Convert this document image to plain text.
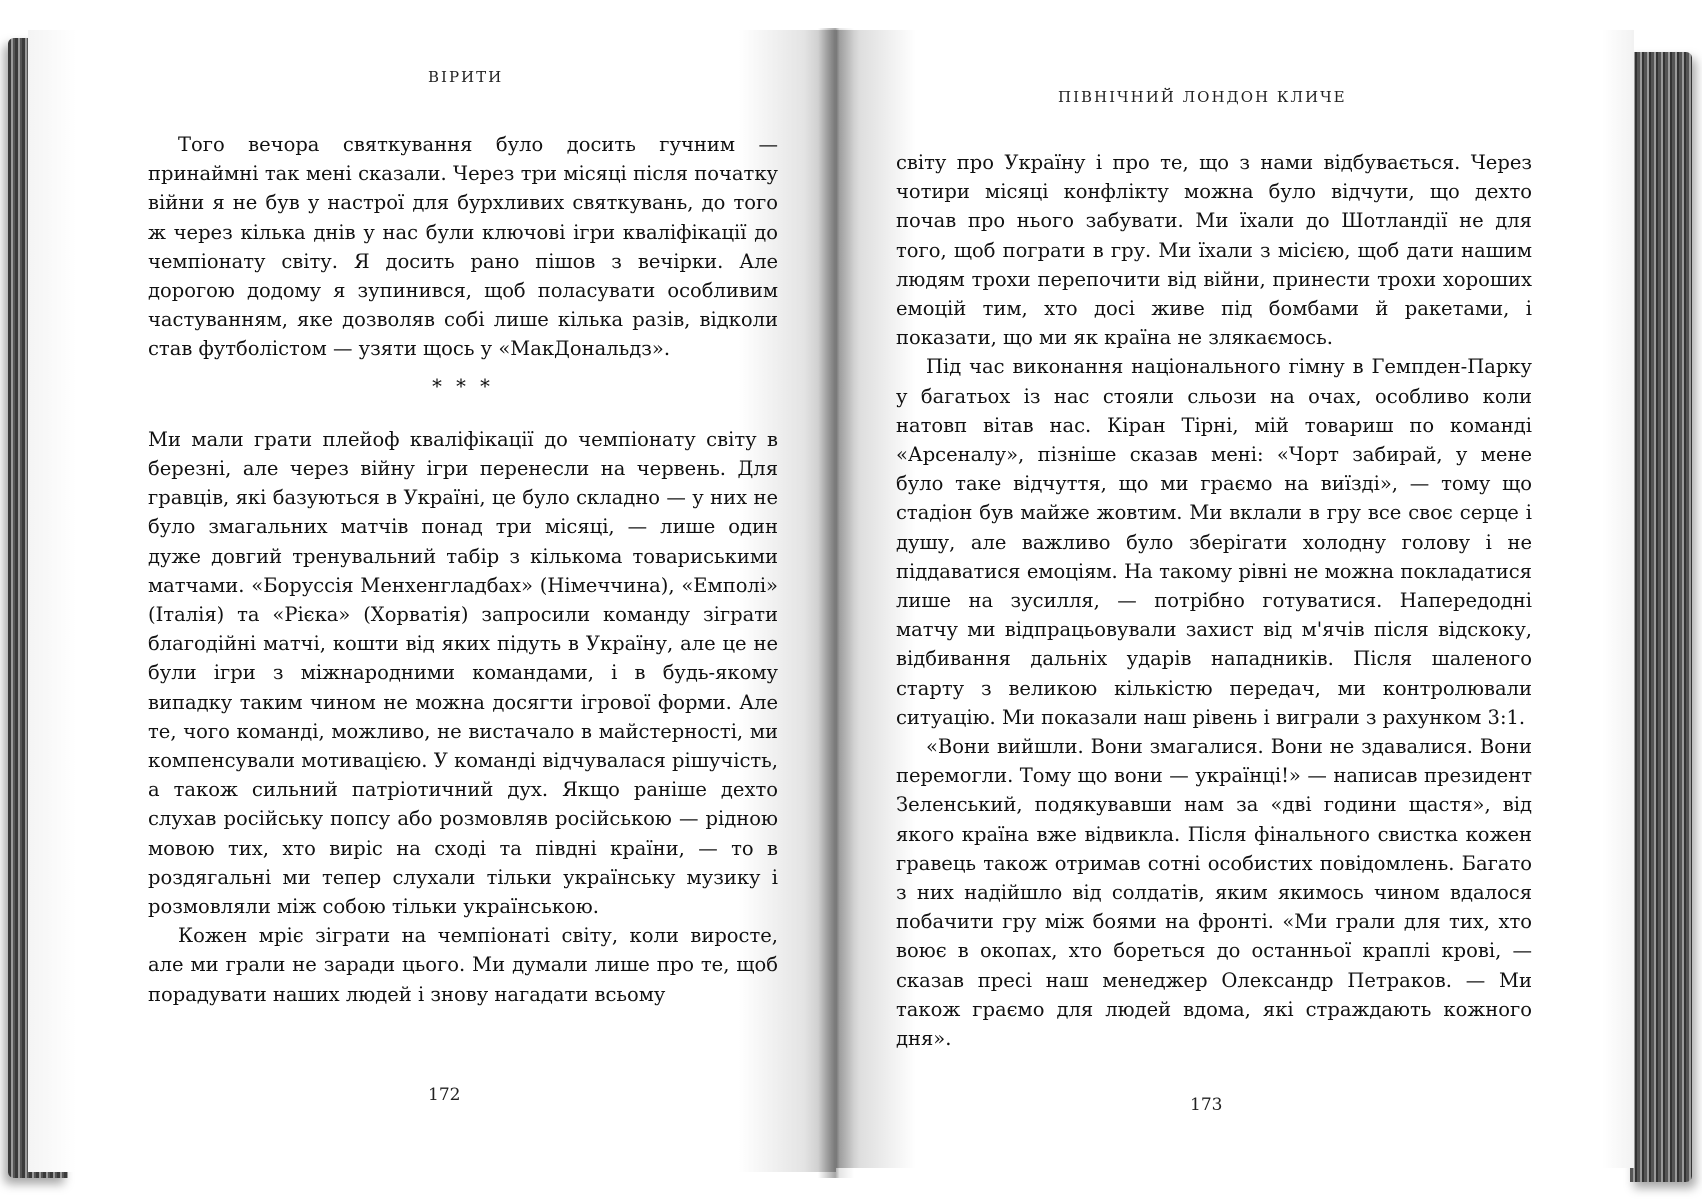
ВІРИТИ

Того вечора святкування було досить гучним — принаймні так мені сказали. Через три місяці після початку війни я не був у настрої для бурхливих святкувань, до того ж через кілька днів у нас були ключові ігри кваліфікації до чемпіонату світу. Я досить рано пішов з вечірки. Але дорогою додому я зупинився, щоб поласувати особливим частуванням, яке дозволяв собі лише кілька разів, відколи став футболістом — узяти щось у «МакДональдз».

* * *

Ми мали грати плейоф кваліфікації до чемпіонату світу в березні, але через війну ігри перенесли на червень. Для гравців, які базуються в Україні, це було складно — у них не було змагальних матчів понад три місяці, — лише один дуже довгий тренувальний табір з кількома товариськими матчами. «Боруссія Менхенгладбах» (Німеччина), «Емполі» (Італія) та «Рієка» (Хорватія) запросили команду зіграти благодійні матчі, кошти від яких підуть в Україну, але це не були ігри з міжнародними командами, і в будь-якому випадку таким чином не можна досягти ігрової форми. Але те, чого команді, можливо, не вистачало в майстерності, ми компенсували мотивацією. У команді відчувалася рішучість, а також сильний патріотичний дух. Якщо раніше дехто слухав російську попсу або розмовляв російською — рідною мовою тих, хто виріс на сході та півдні країни, — то в роздягальні ми тепер слухали тільки українську музику і розмовляли між собою тільки українською.

Кожен мріє зіграти на чемпіонаті світу, коли виросте, але ми грали не заради цього. Ми думали лише про те, щоб порадувати наших людей і знову нагадати всьому

172
ПІВНІЧНИЙ ЛОНДОН КЛИЧЕ

світу про Україну і про те, що з нами відбувається. Через чотири місяці конфлікту можна було відчути, що дехто почав про нього забувати. Ми їхали до Шотландії не для того, щоб пограти в гру. Ми їхали з місією, щоб дати нашим людям трохи перепочити від війни, принести трохи хороших емоцій тим, хто досі живе під бомбами й ракетами, і показати, що ми як країна не злякаємось.

Під час виконання національного гімну в Гемпден-Парку у багатьох із нас стояли сльози на очах, особливо коли натовп вітав нас. Кіран Тірні, мій товариш по команді «Арсеналу», пізніше сказав мені: «Чорт забирай, у мене було таке відчуття, що ми граємо на виїзді», — тому що стадіон був майже жовтим. Ми вклали в гру все своє серце і душу, але важливо було зберігати холодну голову і не піддаватися емоціям. На такому рівні не можна покладатися лише на зусилля, — потрібно готуватися. Напередодні матчу ми відпрацьовували захист від м'ячів після відскоку, відбивання дальніх ударів нападників. Після шаленого старту з великою кількістю передач, ми контролювали ситуацію. Ми показали наш рівень і виграли з рахунком 3:1.

«Вони вийшли. Вони змагалися. Вони не здавалися. Вони перемогли. Тому що вони — українці!» — написав президент Зеленський, подякувавши нам за «дві години щастя», від якого країна вже відвикла. Після фінального свистка кожен гравець також отримав сотні особистих повідомлень. Багато з них надійшло від солдатів, яким якимось чином вдалося побачити гру між боями на фронті. «Ми грали для тих, хто воює в окопах, хто бореться до останньої краплі крові, — сказав пресі наш менеджер Олександр Петраков. — Ми також граємо для людей вдома, які страждають кожного дня».

173
